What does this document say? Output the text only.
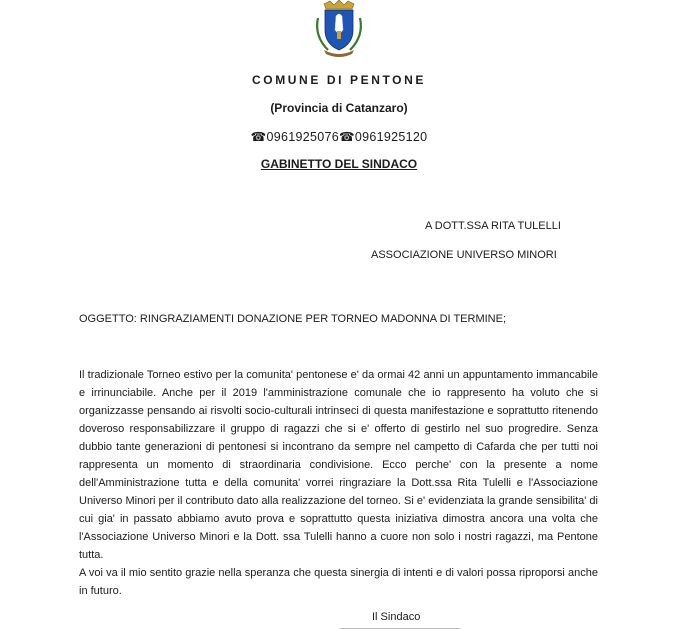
COMUNE DI PENTONE
(Provincia di Catanzaro)
☎0961925076☎0961925120
GABINETTO DEL SINDACO
A DOTT.SSA RITA TULELLI
ASSOCIAZIONE UNIVERSO MINORI
OGGETTO: RINGRAZIAMENTI DONAZIONE PER TORNEO MADONNA DI TERMINE;

Il tradizionale Torneo estivo per la comunita' pentonese e' da ormai 42 anni un appuntamento immancabile e irrinunciabile. Anche per il 2019 l'amministrazione comunale che io rappresento ha voluto che si organizzasse pensando ai risvolti socio-culturali intrinseci di questa manifestazione e soprattutto ritenendo doveroso responsabilizzare il gruppo di ragazzi che si e' offerto di gestirlo nel suo progredire. Senza dubbio tante generazioni di pentonesi si incontrano da sempre nel campetto di Cafarda che per tutti noi rappresenta un momento di straordinaria condivisione. Ecco perche' con la presente a nome dell'Amministrazione tutta e della comunita' vorrei ringraziare la Dott.ssa Rita Tulelli e l'Associazione Universo Minori per il contributo dato alla realizzazione del torneo. Si e' evidenziata la grande sensibilita' di cui gia' in passato abbiamo avuto prova e soprattutto questa iniziativa dimostra ancora una volta che l'Associazione Universo Minori e la Dott. ssa Tulelli hanno a cuore non solo i nostri ragazzi, ma Pentone tutta.

A voi va il mio sentito grazie nella speranza che questa sinergia di intenti e di valori possa riproporsi anche in futuro.

Il Sindaco
